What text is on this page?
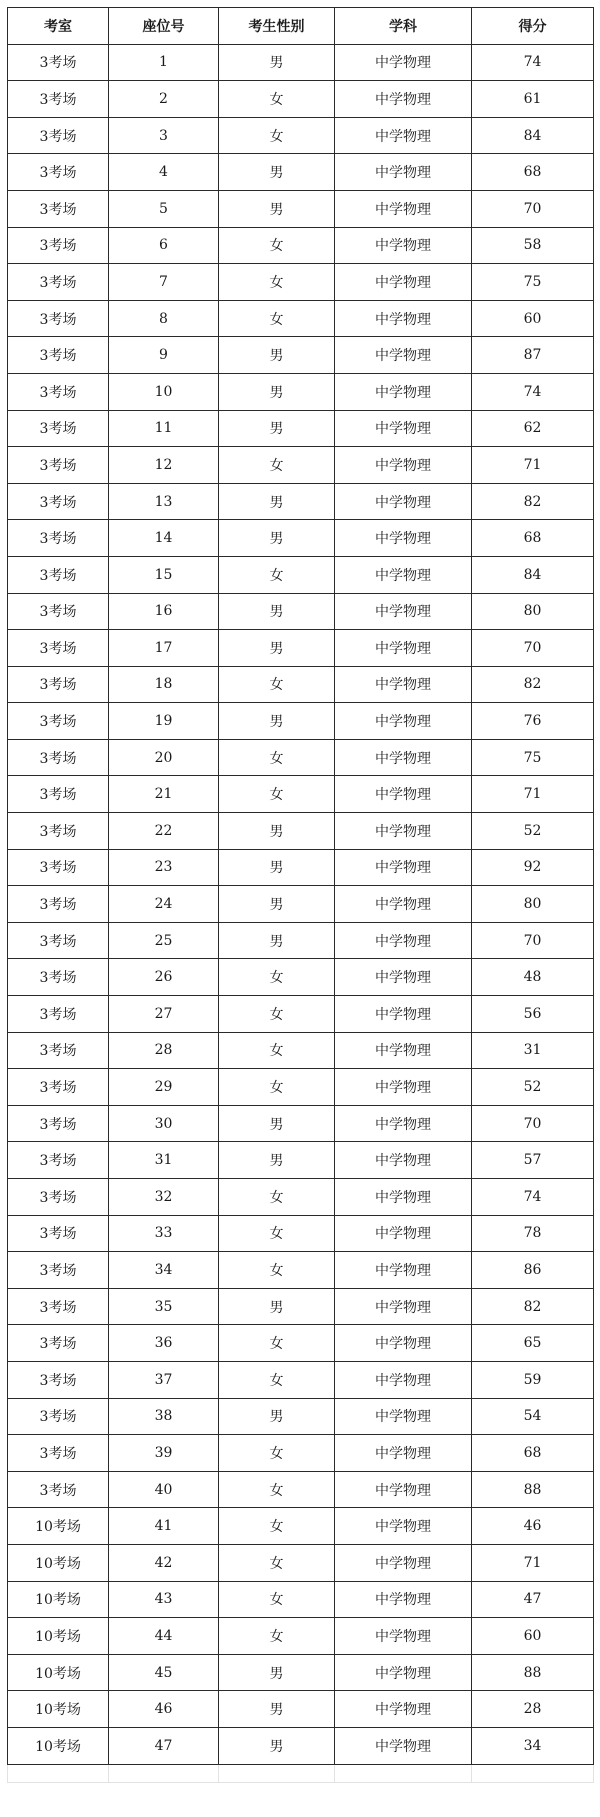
考室	座位号	考生性别	学科	得分
3考场	1	男	中学物理	74
3考场	2	女	中学物理	61
3考场	3	女	中学物理	84
3考场	4	男	中学物理	68
3考场	5	男	中学物理	70
3考场	6	女	中学物理	58
3考场	7	女	中学物理	75
3考场	8	女	中学物理	60
3考场	9	男	中学物理	87
3考场	10	男	中学物理	74
3考场	11	男	中学物理	62
3考场	12	女	中学物理	71
3考场	13	男	中学物理	82
3考场	14	男	中学物理	68
3考场	15	女	中学物理	84
3考场	16	男	中学物理	80
3考场	17	男	中学物理	70
3考场	18	女	中学物理	82
3考场	19	男	中学物理	76
3考场	20	女	中学物理	75
3考场	21	女	中学物理	71
3考场	22	男	中学物理	52
3考场	23	男	中学物理	92
3考场	24	男	中学物理	80
3考场	25	男	中学物理	70
3考场	26	女	中学物理	48
3考场	27	女	中学物理	56
3考场	28	女	中学物理	31
3考场	29	女	中学物理	52
3考场	30	男	中学物理	70
3考场	31	男	中学物理	57
3考场	32	女	中学物理	74
3考场	33	女	中学物理	78
3考场	34	女	中学物理	86
3考场	35	男	中学物理	82
3考场	36	女	中学物理	65
3考场	37	女	中学物理	59
3考场	38	男	中学物理	54
3考场	39	女	中学物理	68
3考场	40	女	中学物理	88
10考场	41	女	中学物理	46
10考场	42	女	中学物理	71
10考场	43	女	中学物理	47
10考场	44	女	中学物理	60
10考场	45	男	中学物理	88
10考场	46	男	中学物理	28
10考场	47	男	中学物理	34
